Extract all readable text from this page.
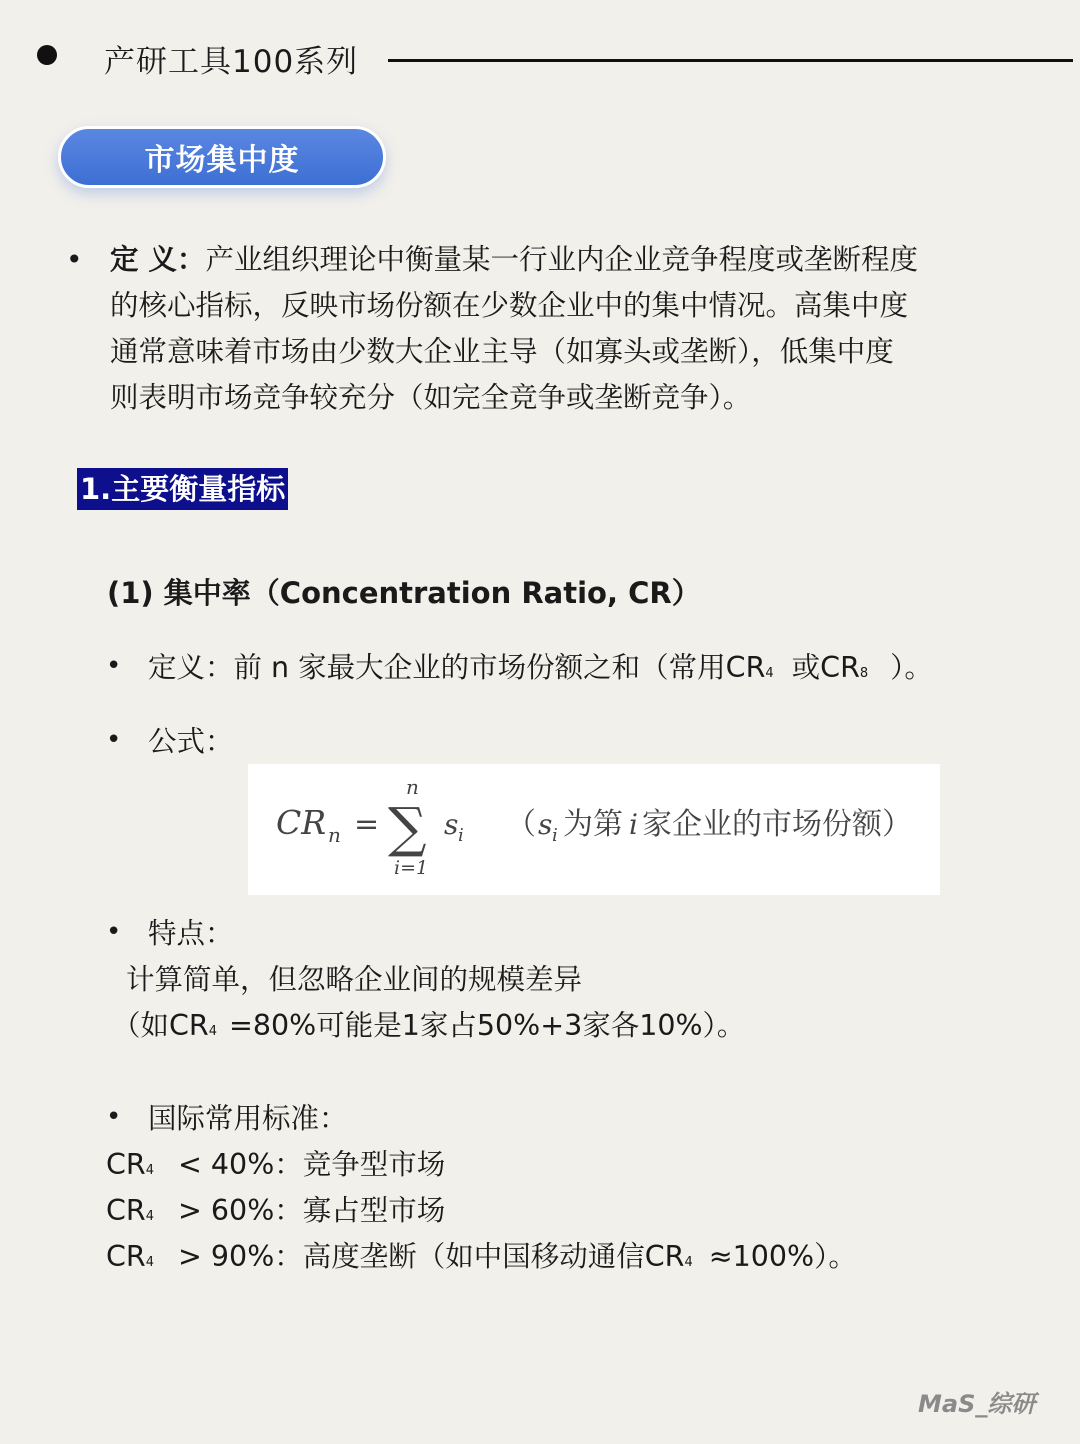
产研工具100系列
市场集中度
• 定 义：产业组织理论中衡量某一行业内企业竞争程度或垄断程度
的核心指标，反映市场份额在少数企业中的集中情况。高集中度
通常意味着市场由少数大企业主导（如寡头或垄断），低集中度
则表明市场竞争较充分（如完全竞争或垄断竞争）。
1.主要衡量指标
(1) 集中率（Concentration Ratio, CR）
• 定义：前 n 家最大企业的市场份额之和（常用CR4 或CR8 ）。
• 公式：
CR n =
n
∑
i=1
s i （ s i 为第 i 家企业的市场份额）
• 特点：
计算简单，但忽略企业间的规模差异
（如CR4 =80%可能是1家占50%+3家各10%）。
• 国际常用标准：
CR4 < 40%：竞争型市场
CR4 > 60%：寡占型市场
CR4 > 90%：高度垄断（如中国移动通信CR4 ≈100%）。
MaS_综研
